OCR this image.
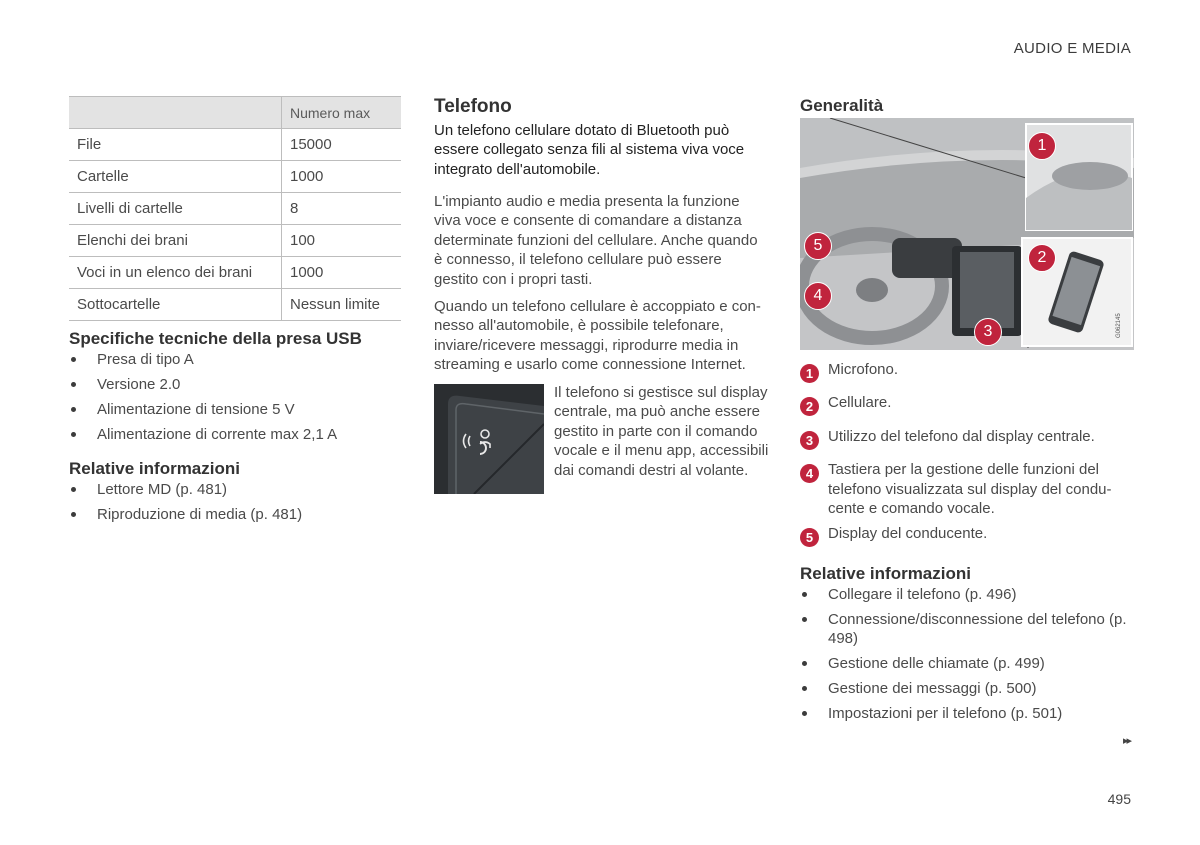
AUDIO E MEDIA
	Numero max
File	15000
Cartelle	1000
Livelli di cartelle	8
Elenchi dei brani	100
Voci in un elenco dei brani	1000
Sottocartelle	Nessun limite
Specifiche tecniche della presa USB
Presa di tipo A
Versione 2.0
Alimentazione di tensione 5 V
Alimentazione di corrente max 2,1 A
Relative informazioni
Lettore MD (p. 481)
Riproduzione di media (p. 481)
Telefono

Un telefono cellulare dotato di Bluetooth può essere collegato senza fili al sistema viva voce integrato dell'automobile.

L'impianto audio e media presenta la funzione viva voce e consente di comandare a distanza determinate funzioni del cellulare. Anche quando è connesso, il telefono cellulare può essere gestito con i propri tasti.

Quando un telefono cellulare è accoppiato e con-nesso all'automobile, è possibile telefonare, inviare/ricevere messaggi, riprodurre media in streaming e usarlo come connessione Internet.

Il telefono si gestisce sul display centrale, ma può anche essere gestito in parte con il comando vocale e il menu app, accessibili dai comandi destri al volante.

Generalità
G062145
1
2
3
4
5
1 Microfono.
2 Cellulare.
3 Utilizzo del telefono dal display centrale.
4 Tastiera per la gestione delle funzioni del telefono visualizzata sul display del condu-cente e comando vocale.
5 Display del conducente.
Relative informazioni
Collegare il telefono (p. 496)
Connessione/disconnessione del telefono (p. 498)
Gestione delle chiamate (p. 499)
Gestione dei messaggi (p. 500)
Impostazioni per il telefono (p. 501)
▸▸
495
